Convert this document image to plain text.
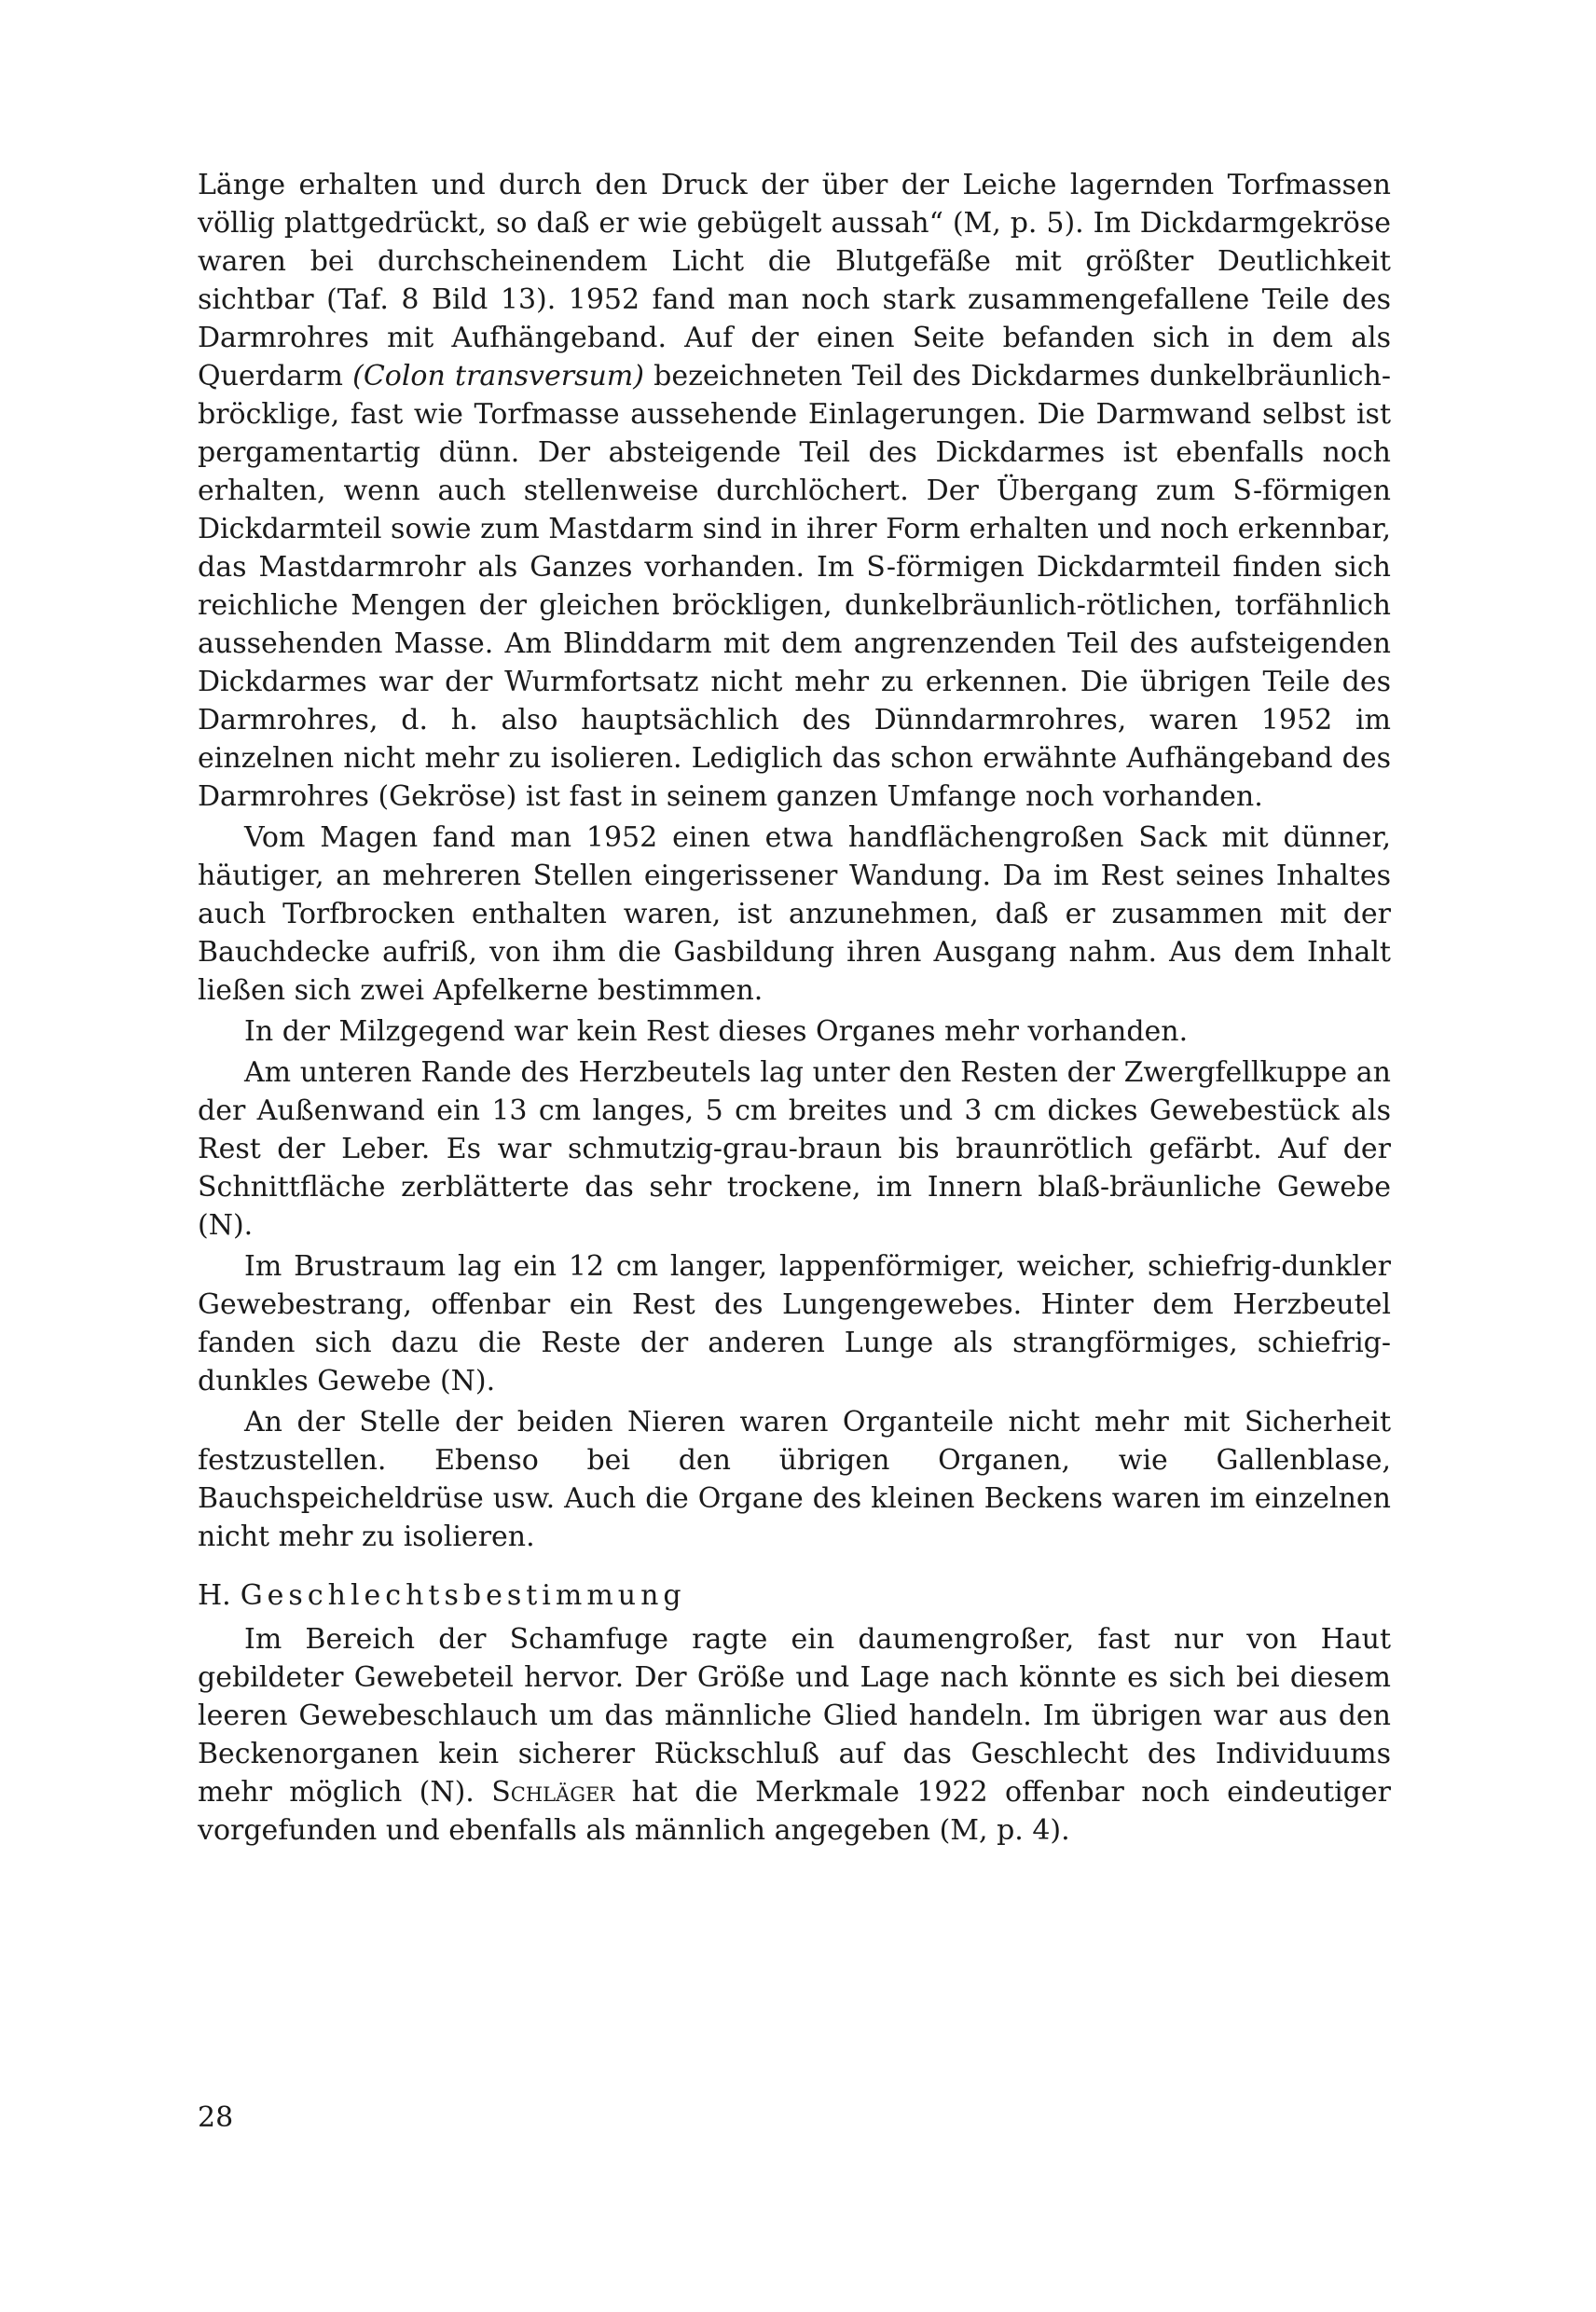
Länge erhalten und durch den Druck der über der Leiche lagernden Torfmassen völlig plattgedrückt, so daß er wie gebügelt aussah“ (M, p. 5). Im Dickdarmgekröse waren bei durchscheinendem Licht die Blutgefäße mit größter Deutlichkeit sichtbar (Taf. 8 Bild 13). 1952 fand man noch stark zusammengefallene Teile des Darmrohres mit Aufhängeband. Auf der einen Seite befanden sich in dem als Querdarm (Colon transversum) bezeichneten Teil des Dickdarmes dunkelbräunlich-bröcklige, fast wie Torfmasse aussehende Einlagerungen. Die Darmwand selbst ist pergamentartig dünn. Der absteigende Teil des Dickdarmes ist ebenfalls noch erhalten, wenn auch stellenweise durchlöchert. Der Übergang zum S-förmigen Dickdarmteil sowie zum Mastdarm sind in ihrer Form erhalten und noch erkennbar, das Mastdarmrohr als Ganzes vorhanden. Im S-förmigen Dickdarmteil finden sich reichliche Mengen der gleichen bröckligen, dunkelbräunlich-rötlichen, torfähnlich aussehenden Masse. Am Blinddarm mit dem angrenzenden Teil des aufsteigenden Dickdarmes war der Wurmfortsatz nicht mehr zu erkennen. Die übrigen Teile des Darmrohres, d. h. also hauptsächlich des Dünndarmrohres, waren 1952 im einzelnen nicht mehr zu isolieren. Lediglich das schon erwähnte Aufhängeband des Darmrohres (Gekröse) ist fast in seinem ganzen Umfange noch vorhanden.

Vom Magen fand man 1952 einen etwa handflächengroßen Sack mit dünner, häutiger, an mehreren Stellen eingerissener Wandung. Da im Rest seines Inhaltes auch Torfbrocken enthalten waren, ist anzunehmen, daß er zusammen mit der Bauchdecke aufriß, von ihm die Gasbildung ihren Ausgang nahm. Aus dem Inhalt ließen sich zwei Apfelkerne bestimmen.

In der Milzgegend war kein Rest dieses Organes mehr vorhanden.

Am unteren Rande des Herzbeutels lag unter den Resten der Zwergfellkuppe an der Außenwand ein 13 cm langes, 5 cm breites und 3 cm dickes Gewebestück als Rest der Leber. Es war schmutzig-grau-braun bis braunrötlich gefärbt. Auf der Schnittfläche zerblätterte das sehr trockene, im Innern blaß-bräunliche Gewebe (N).

Im Brustraum lag ein 12 cm langer, lappenförmiger, weicher, schiefrig-dunkler Gewebestrang, offenbar ein Rest des Lungengewebes. Hinter dem Herzbeutel fanden sich dazu die Reste der anderen Lunge als strangförmiges, schiefrig-dunkles Gewebe (N).

An der Stelle der beiden Nieren waren Organteile nicht mehr mit Sicherheit festzustellen. Ebenso bei den übrigen Organen, wie Gallenblase, Bauchspeicheldrüse usw. Auch die Organe des kleinen Beckens waren im einzelnen nicht mehr zu isolieren.

H. Geschlechtsbestimmung

Im Bereich der Schamfuge ragte ein daumengroßer, fast nur von Haut gebildeter Gewebeteil hervor. Der Größe und Lage nach könnte es sich bei diesem leeren Gewebeschlauch um das männliche Glied handeln. Im übrigen war aus den Beckenorganen kein sicherer Rückschluß auf das Geschlecht des Individuums mehr möglich (N). Schläger hat die Merkmale 1922 offenbar noch eindeutiger vorgefunden und ebenfalls als männlich angegeben (M, p. 4).

28
